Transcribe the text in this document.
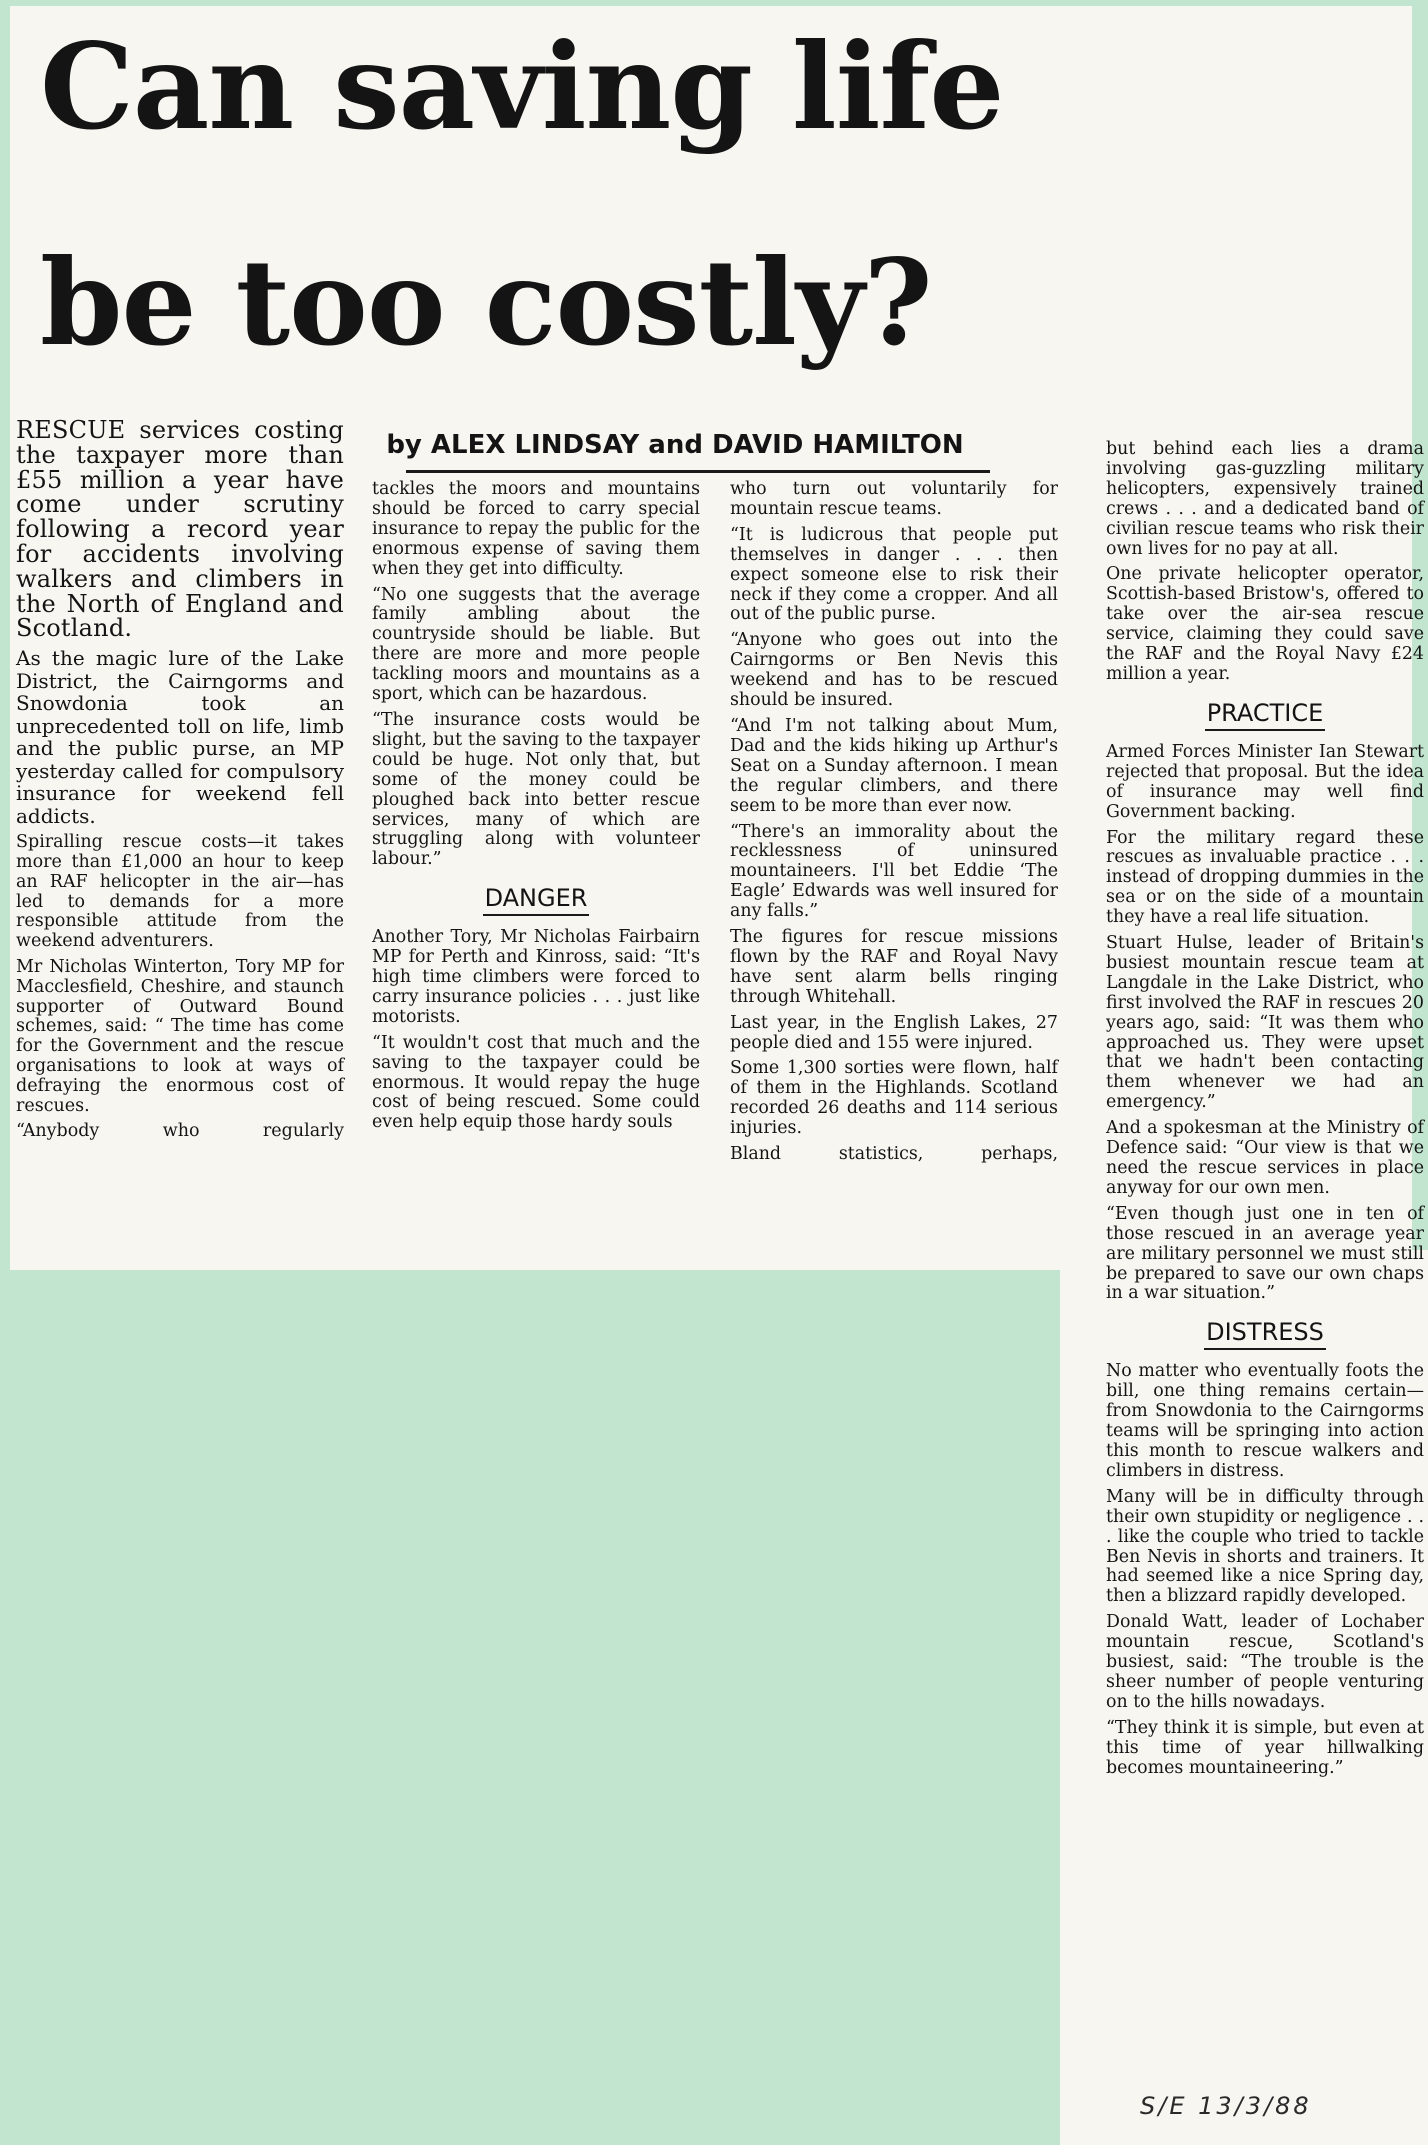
Can saving life
be too costly?
by ALEX LINDSAY and DAVID HAMILTON

RESCUE services costing the taxpayer more than £55 million a year have come under scrutiny following a record year for accidents involving walkers and climbers in the North of England and Scotland.

As the magic lure of the Lake District, the Cairngorms and Snowdonia took an unprecedented toll on life, limb and the public purse, an MP yesterday called for compulsory insurance for weekend fell addicts.

Spiralling rescue costs—it takes more than £1,000 an hour to keep an RAF helicopter in the air—has led to demands for a more responsible attitude from the weekend adventurers.

Mr Nicholas Winterton, Tory MP for Macclesfield, Cheshire, and staunch supporter of Outward Bound schemes, said: “ The time has come for the Government and the rescue organisations to look at ways of defraying the enormous cost of rescues.

“Anybody who regularly

tackles the moors and mountains should be forced to carry special insurance to repay the public for the enormous expense of saving them when they get into difficulty.

“No one suggests that the average family ambling about the countryside should be liable. But there are more and more people tackling moors and mountains as a sport, which can be hazardous.

“The insurance costs would be slight, but the saving to the taxpayer could be huge. Not only that, but some of the money could be ploughed back into better rescue services, many of which are struggling along with volunteer labour.”

DANGER

Another Tory, Mr Nicholas Fairbairn MP for Perth and Kinross, said: “It's high time climbers were forced to carry insurance policies . . . just like motorists.

“It wouldn't cost that much and the saving to the taxpayer could be enormous. It would repay the huge cost of being rescued. Some could even help equip those hardy souls

who turn out voluntarily for mountain rescue teams.

“It is ludicrous that people put themselves in danger . . . then expect someone else to risk their neck if they come a cropper. And all out of the public purse.

“Anyone who goes out into the Cairngorms or Ben Nevis this weekend and has to be rescued should be insured.

“And I'm not talking about Mum, Dad and the kids hiking up Arthur's Seat on a Sunday afternoon. I mean the regular climbers, and there seem to be more than ever now.

“There's an immorality about the recklessness of uninsured mountaineers. I'll bet Eddie ‘The Eagle’ Edwards was well insured for any falls.”

The figures for rescue missions flown by the RAF and Royal Navy have sent alarm bells ringing through Whitehall.

Last year, in the English Lakes, 27 people died and 155 were injured.

Some 1,300 sorties were flown, half of them in the Highlands. Scotland recorded 26 deaths and 114 serious injuries.

Bland statistics, perhaps,

but behind each lies a drama involving gas-guzzling military helicopters, expensively trained crews . . . and a dedicated band of civilian rescue teams who risk their own lives for no pay at all.

One private helicopter operator, Scottish-based Bristow's, offered to take over the air-sea rescue service, claiming they could save the RAF and the Royal Navy £24 million a year.

PRACTICE

Armed Forces Minister Ian Stewart rejected that proposal. But the idea of insurance may well find Government backing.

For the military regard these rescues as invaluable practice . . . instead of dropping dummies in the sea or on the side of a mountain they have a real life situation.

Stuart Hulse, leader of Britain's busiest mountain rescue team at Langdale in the Lake District, who first involved the RAF in rescues 20 years ago, said: “It was them who approached us. They were upset that we hadn't been contacting them whenever we had an emergency.”

And a spokesman at the Ministry of Defence said: “Our view is that we need the rescue services in place anyway for our own men.

“Even though just one in ten of those rescued in an average year are military personnel we must still be prepared to save our own chaps in a war situation.”

DISTRESS

No matter who eventually foots the bill, one thing remains certain—from Snowdonia to the Cairngorms teams will be springing into action this month to rescue walkers and climbers in distress.

Many will be in difficulty through their own stupidity or negligence . . . like the couple who tried to tackle Ben Nevis in shorts and trainers. It had seemed like a nice Spring day, then a blizzard rapidly developed.

Donald Watt, leader of Lochaber mountain rescue, Scotland's busiest, said: “The trouble is the sheer number of people venturing on to the hills nowadays.

“They think it is simple, but even at this time of year hillwalking becomes mountaineering.”

S/E 13/3/88
